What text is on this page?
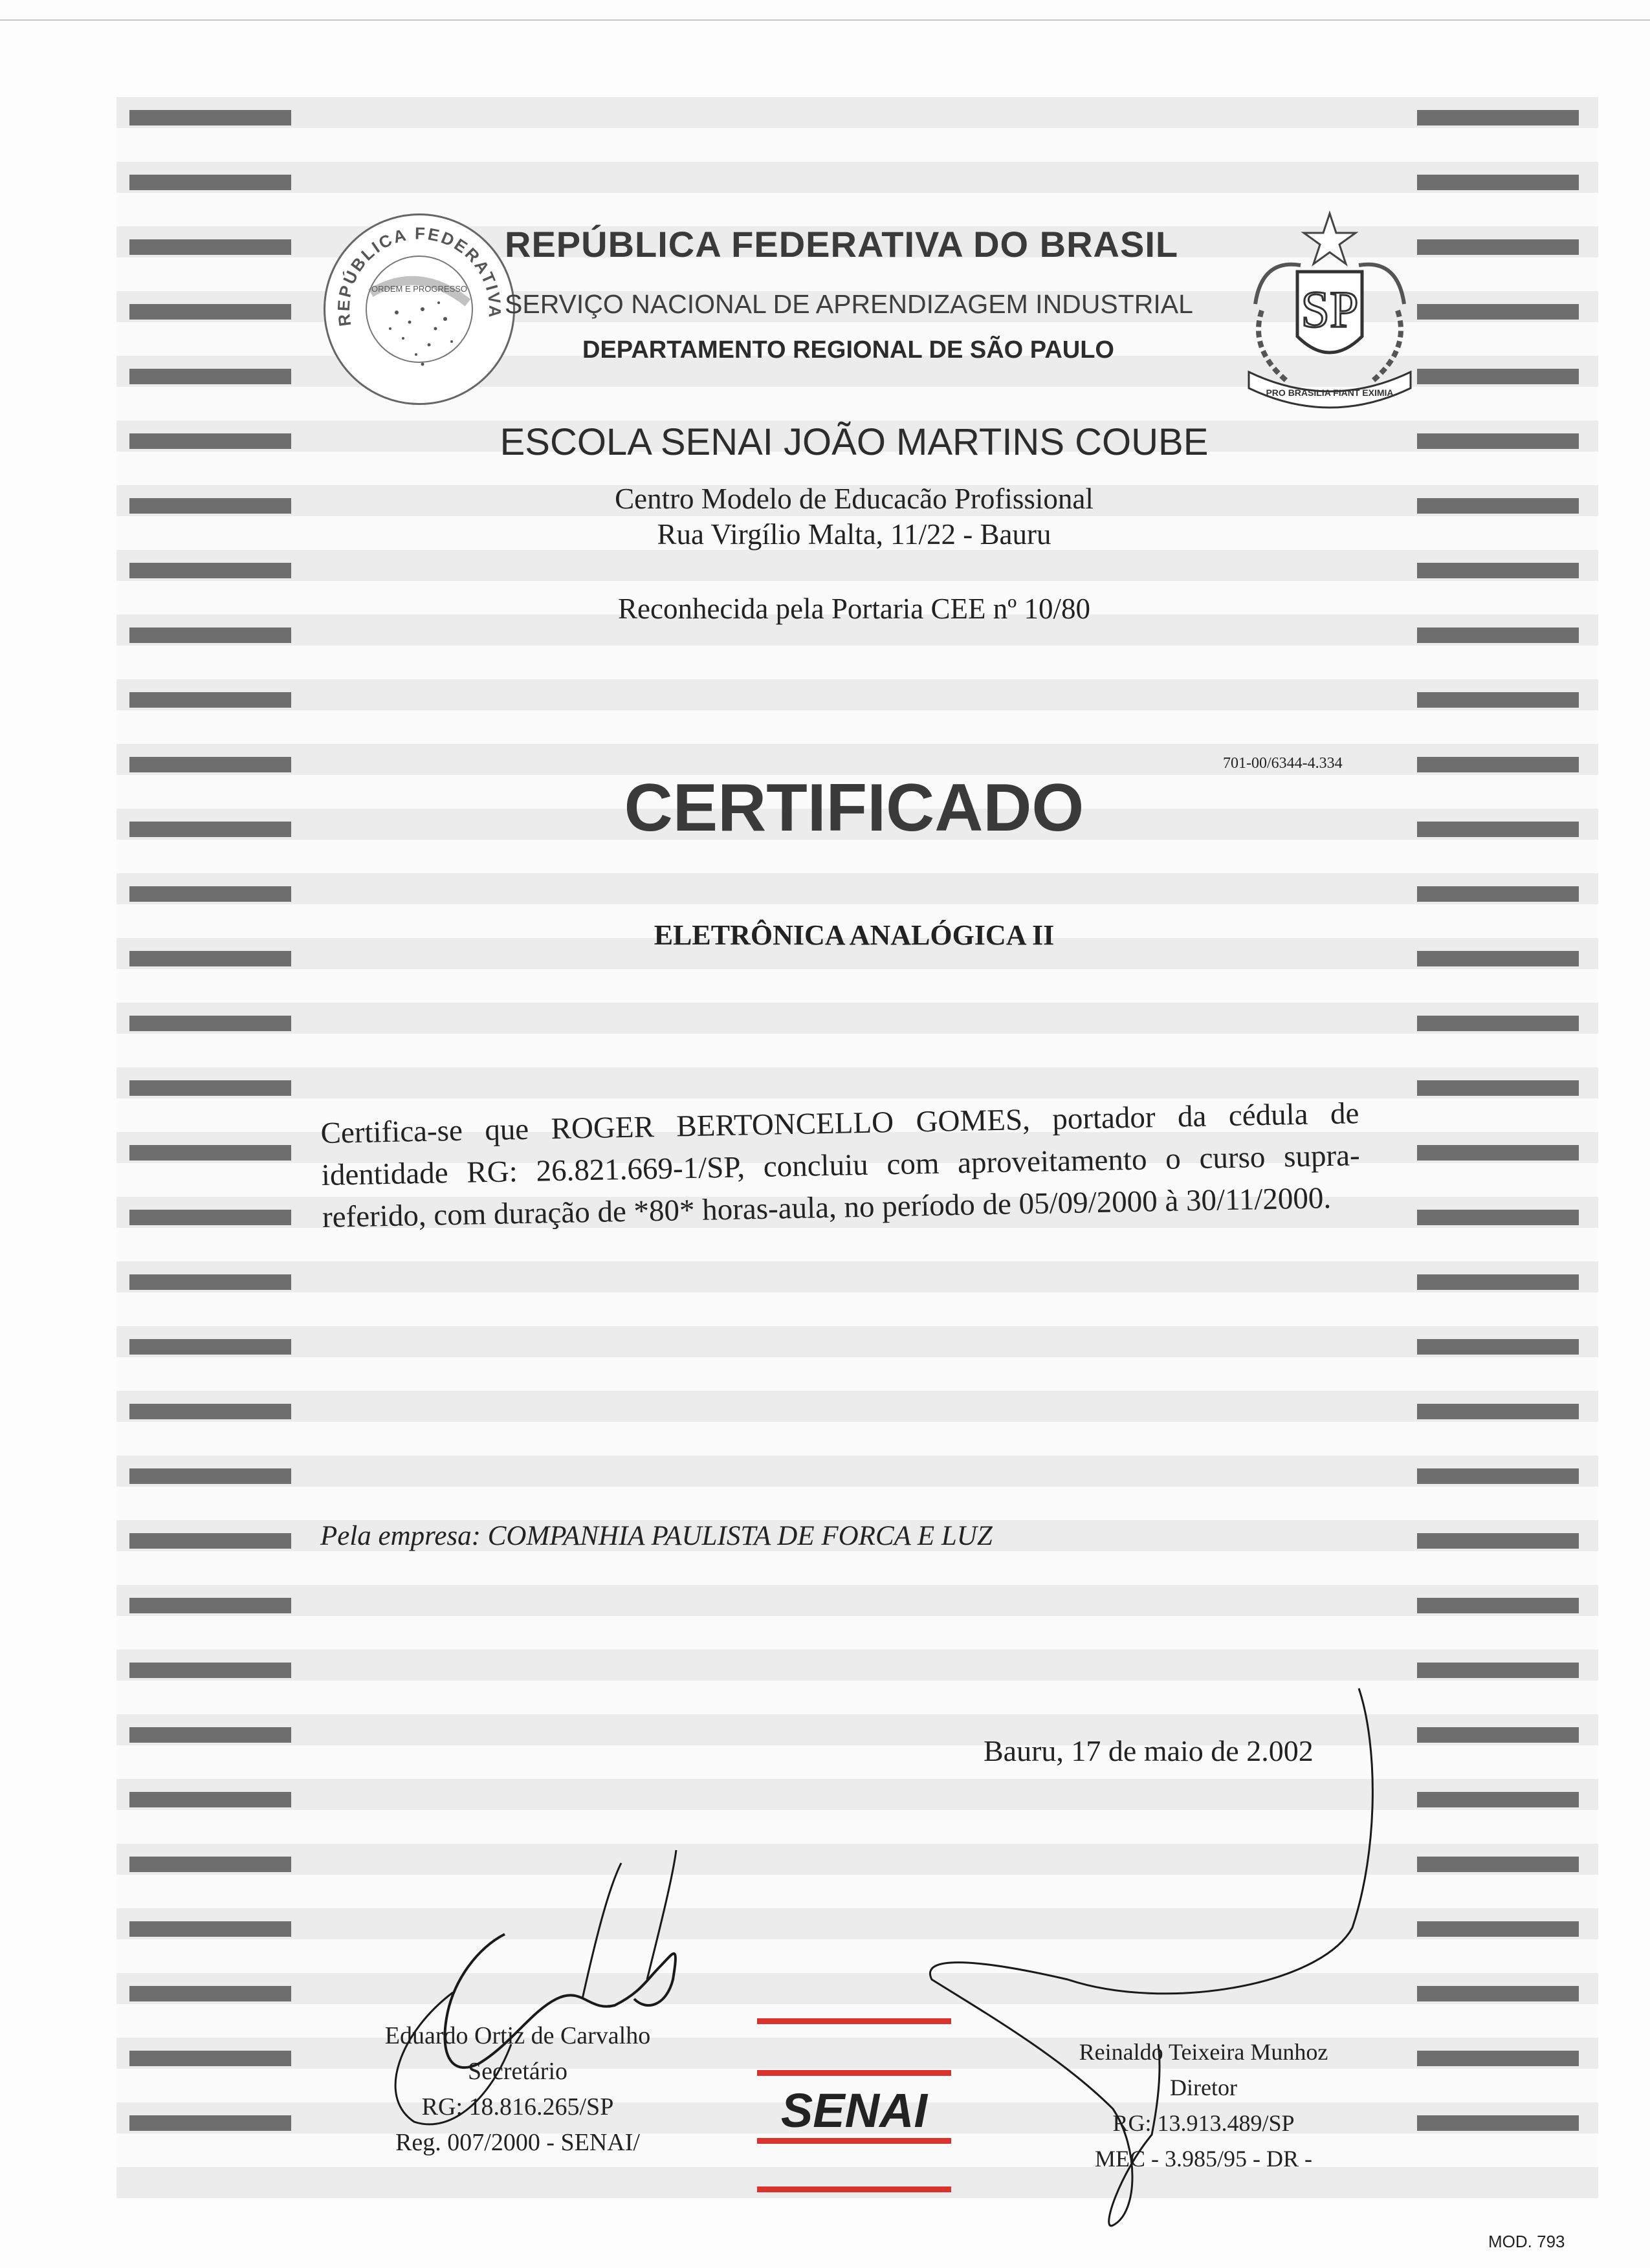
REPÚBLICA FEDERATIVA
ORDEM E PROGRESSO	SP
PRO BRASILIA FIANT EXIMIA
REPÚBLICA FEDERATIVA DO BRASIL
SERVIÇO NACIONAL DE APRENDIZAGEM INDUSTRIAL
DEPARTAMENTO REGIONAL DE SÃO PAULO
ESCOLA SENAI JOÃO MARTINS COUBE
Centro Modelo de Educacão Profissional
Rua Virgílio Malta, 11/22 - Bauru
Reconhecida pela Portaria CEE nº 10/80
701-00/6344-4.334
CERTIFICADO
ELETRÔNICA ANALÓGICA II
Certifica-se que ROGER BERTONCELLO GOMES, portador da cédula de identidade RG: 26.821.669-1/SP, concluiu com aproveitamento o curso supra-referido, com duração de *80* horas-aula, no período de 05/09/2000 à 30/11/2000.
Pela empresa: COMPANHIA PAULISTA DE FORCA E LUZ
Bauru, 17 de maio de 2.002
Eduardo Ortiz de Carvalho
Secretário
RG: 18.816.265/SP
Reg. 007/2000 - SENAI/
Reinaldo Teixeira Munhoz
Diretor
RG: 13.913.489/SP
MEC - 3.985/95 - DR -
SENAI
MOD. 793
